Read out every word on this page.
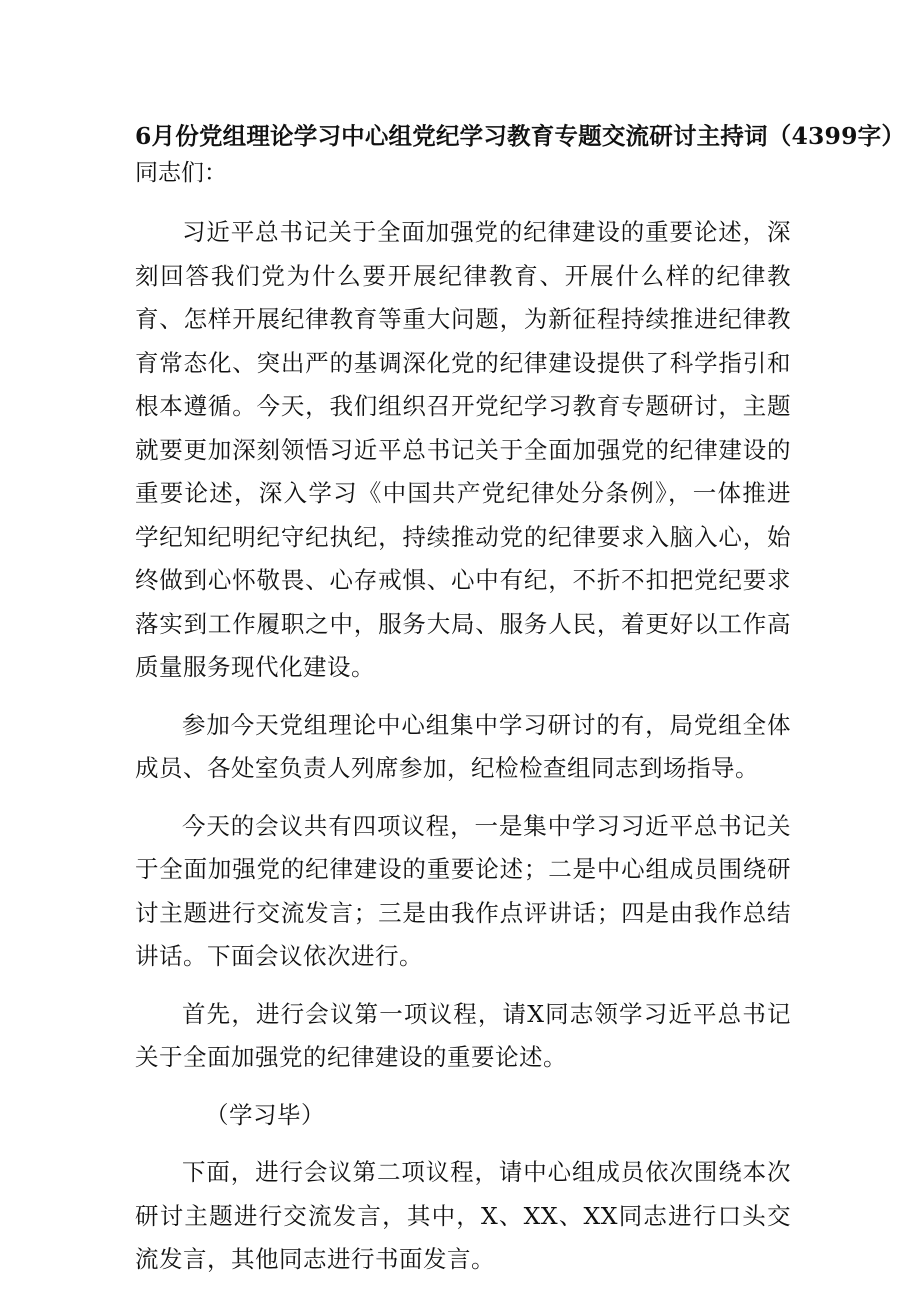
6月份党组理论学习中心组党纪学习教育专题交流研讨主持词（4399字）

同志们：

习近平总书记关于全面加强党的纪律建设的重要论述，深刻回答我们党为什么要开展纪律教育、开展什么样的纪律教育、怎样开展纪律教育等重大问题，为新征程持续推进纪律教育常态化、突出严的基调深化党的纪律建设提供了科学指引和根本遵循。今天，我们组织召开党纪学习教育专题研讨，主题就要更加深刻领悟习近平总书记关于全面加强党的纪律建设的重要论述，深入学习《中国共产党纪律处分条例》，一体推进学纪知纪明纪守纪执纪，持续推动党的纪律要求入脑入心，始终做到心怀敬畏、心存戒惧、心中有纪，不折不扣把党纪要求落实到工作履职之中，服务大局、服务人民，着更好以工作高质量服务现代化建设。

参加今天党组理论中心组集中学习研讨的有，局党组全体成员、各处室负责人列席参加，纪检检查组同志到场指导。

今天的会议共有四项议程，一是集中学习习近平总书记关于全面加强党的纪律建设的重要论述；二是中心组成员围绕研讨主题进行交流发言；三是由我作点评讲话；四是由我作总结讲话。下面会议依次进行。

首先，进行会议第一项议程，请X同志领学习近平总书记关于全面加强党的纪律建设的重要论述。

（学习毕）

下面，进行会议第二项议程，请中心组成员依次围绕本次研讨主题进行交流发言，其中，X、XX、XX同志进行口头交流发言，其他同志进行书面发言。
